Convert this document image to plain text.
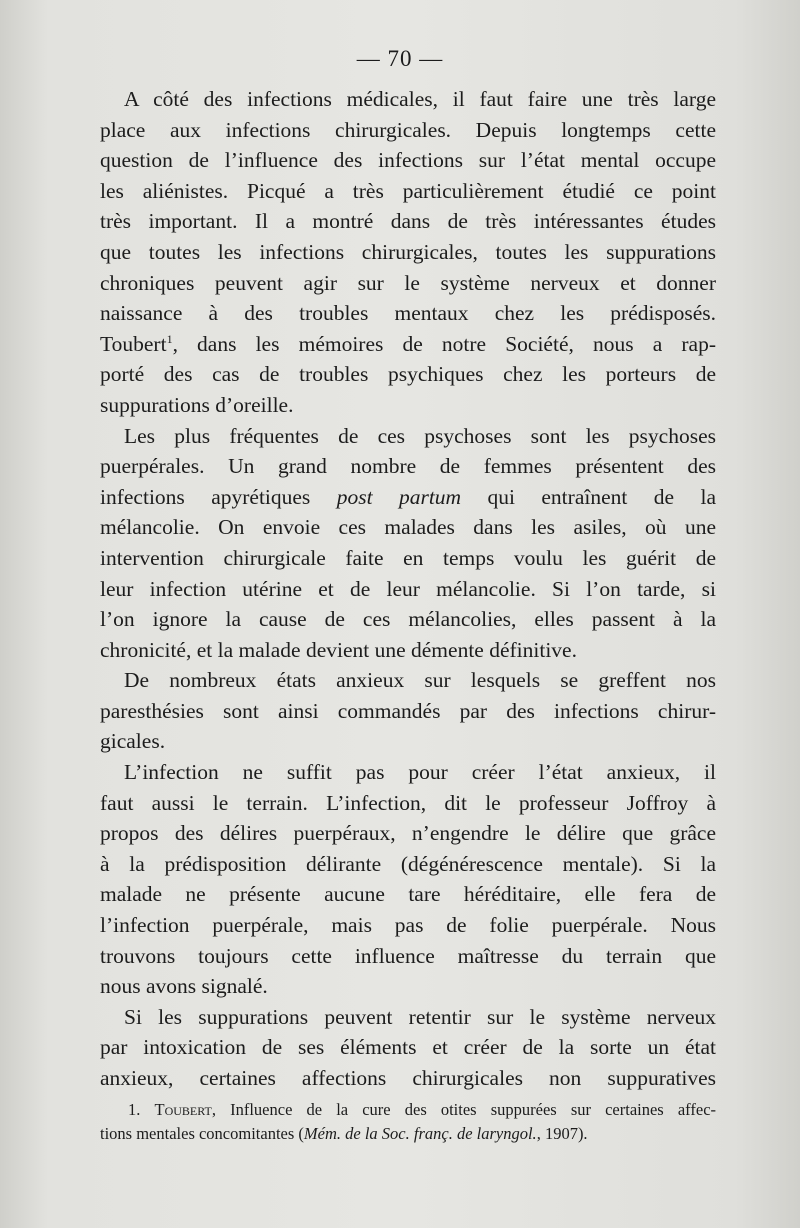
— 70 —
A côté des infections médicales, il faut faire une très large
place aux infections chirurgicales. Depuis longtemps cette
question de l’influence des infections sur l’état mental occupe
les aliénistes. Picqué a très particulièrement étudié ce point
très important. Il a montré dans de très intéressantes études
que toutes les infections chirurgicales, toutes les suppurations
chroniques peuvent agir sur le système nerveux et donner
naissance à des troubles mentaux chez les prédisposés.
Toubert$^1$, dans les mémoires de notre Société, nous a rap-
porté des cas de troubles psychiques chez les porteurs de
suppurations d’oreille.
Les plus fréquentes de ces psychoses sont les psychoses
puerpérales. Un grand nombre de femmes présentent des
infections apyrétiques post partum qui entraînent de la
mélancolie. On envoie ces malades dans les asiles, où une
intervention chirurgicale faite en temps voulu les guérit de
leur infection utérine et de leur mélancolie. Si l’on tarde, si
l’on ignore la cause de ces mélancolies, elles passent à la
chronicité, et la malade devient une démente définitive.
De nombreux états anxieux sur lesquels se greffent nos
paresthésies sont ainsi commandés par des infections chirur-
gicales.
L’infection ne suffit pas pour créer l’état anxieux, il
faut aussi le terrain. L’infection, dit le professeur Joffroy à
propos des délires puerpéraux, n’engendre le délire que grâce
à la prédisposition délirante (dégénérescence mentale). Si la
malade ne présente aucune tare héréditaire, elle fera de
l’infection puerpérale, mais pas de folie puerpérale. Nous
trouvons toujours cette influence maîtresse du terrain que
nous avons signalé.
Si les suppurations peuvent retentir sur le système nerveux
par intoxication de ses éléments et créer de la sorte un état
anxieux, certaines affections chirurgicales non suppuratives
1. Toubert, Influence de la cure des otites suppurées sur certaines affec-
tions mentales concomitantes (Mém. de la Soc. franç. de laryngol., 1907).
